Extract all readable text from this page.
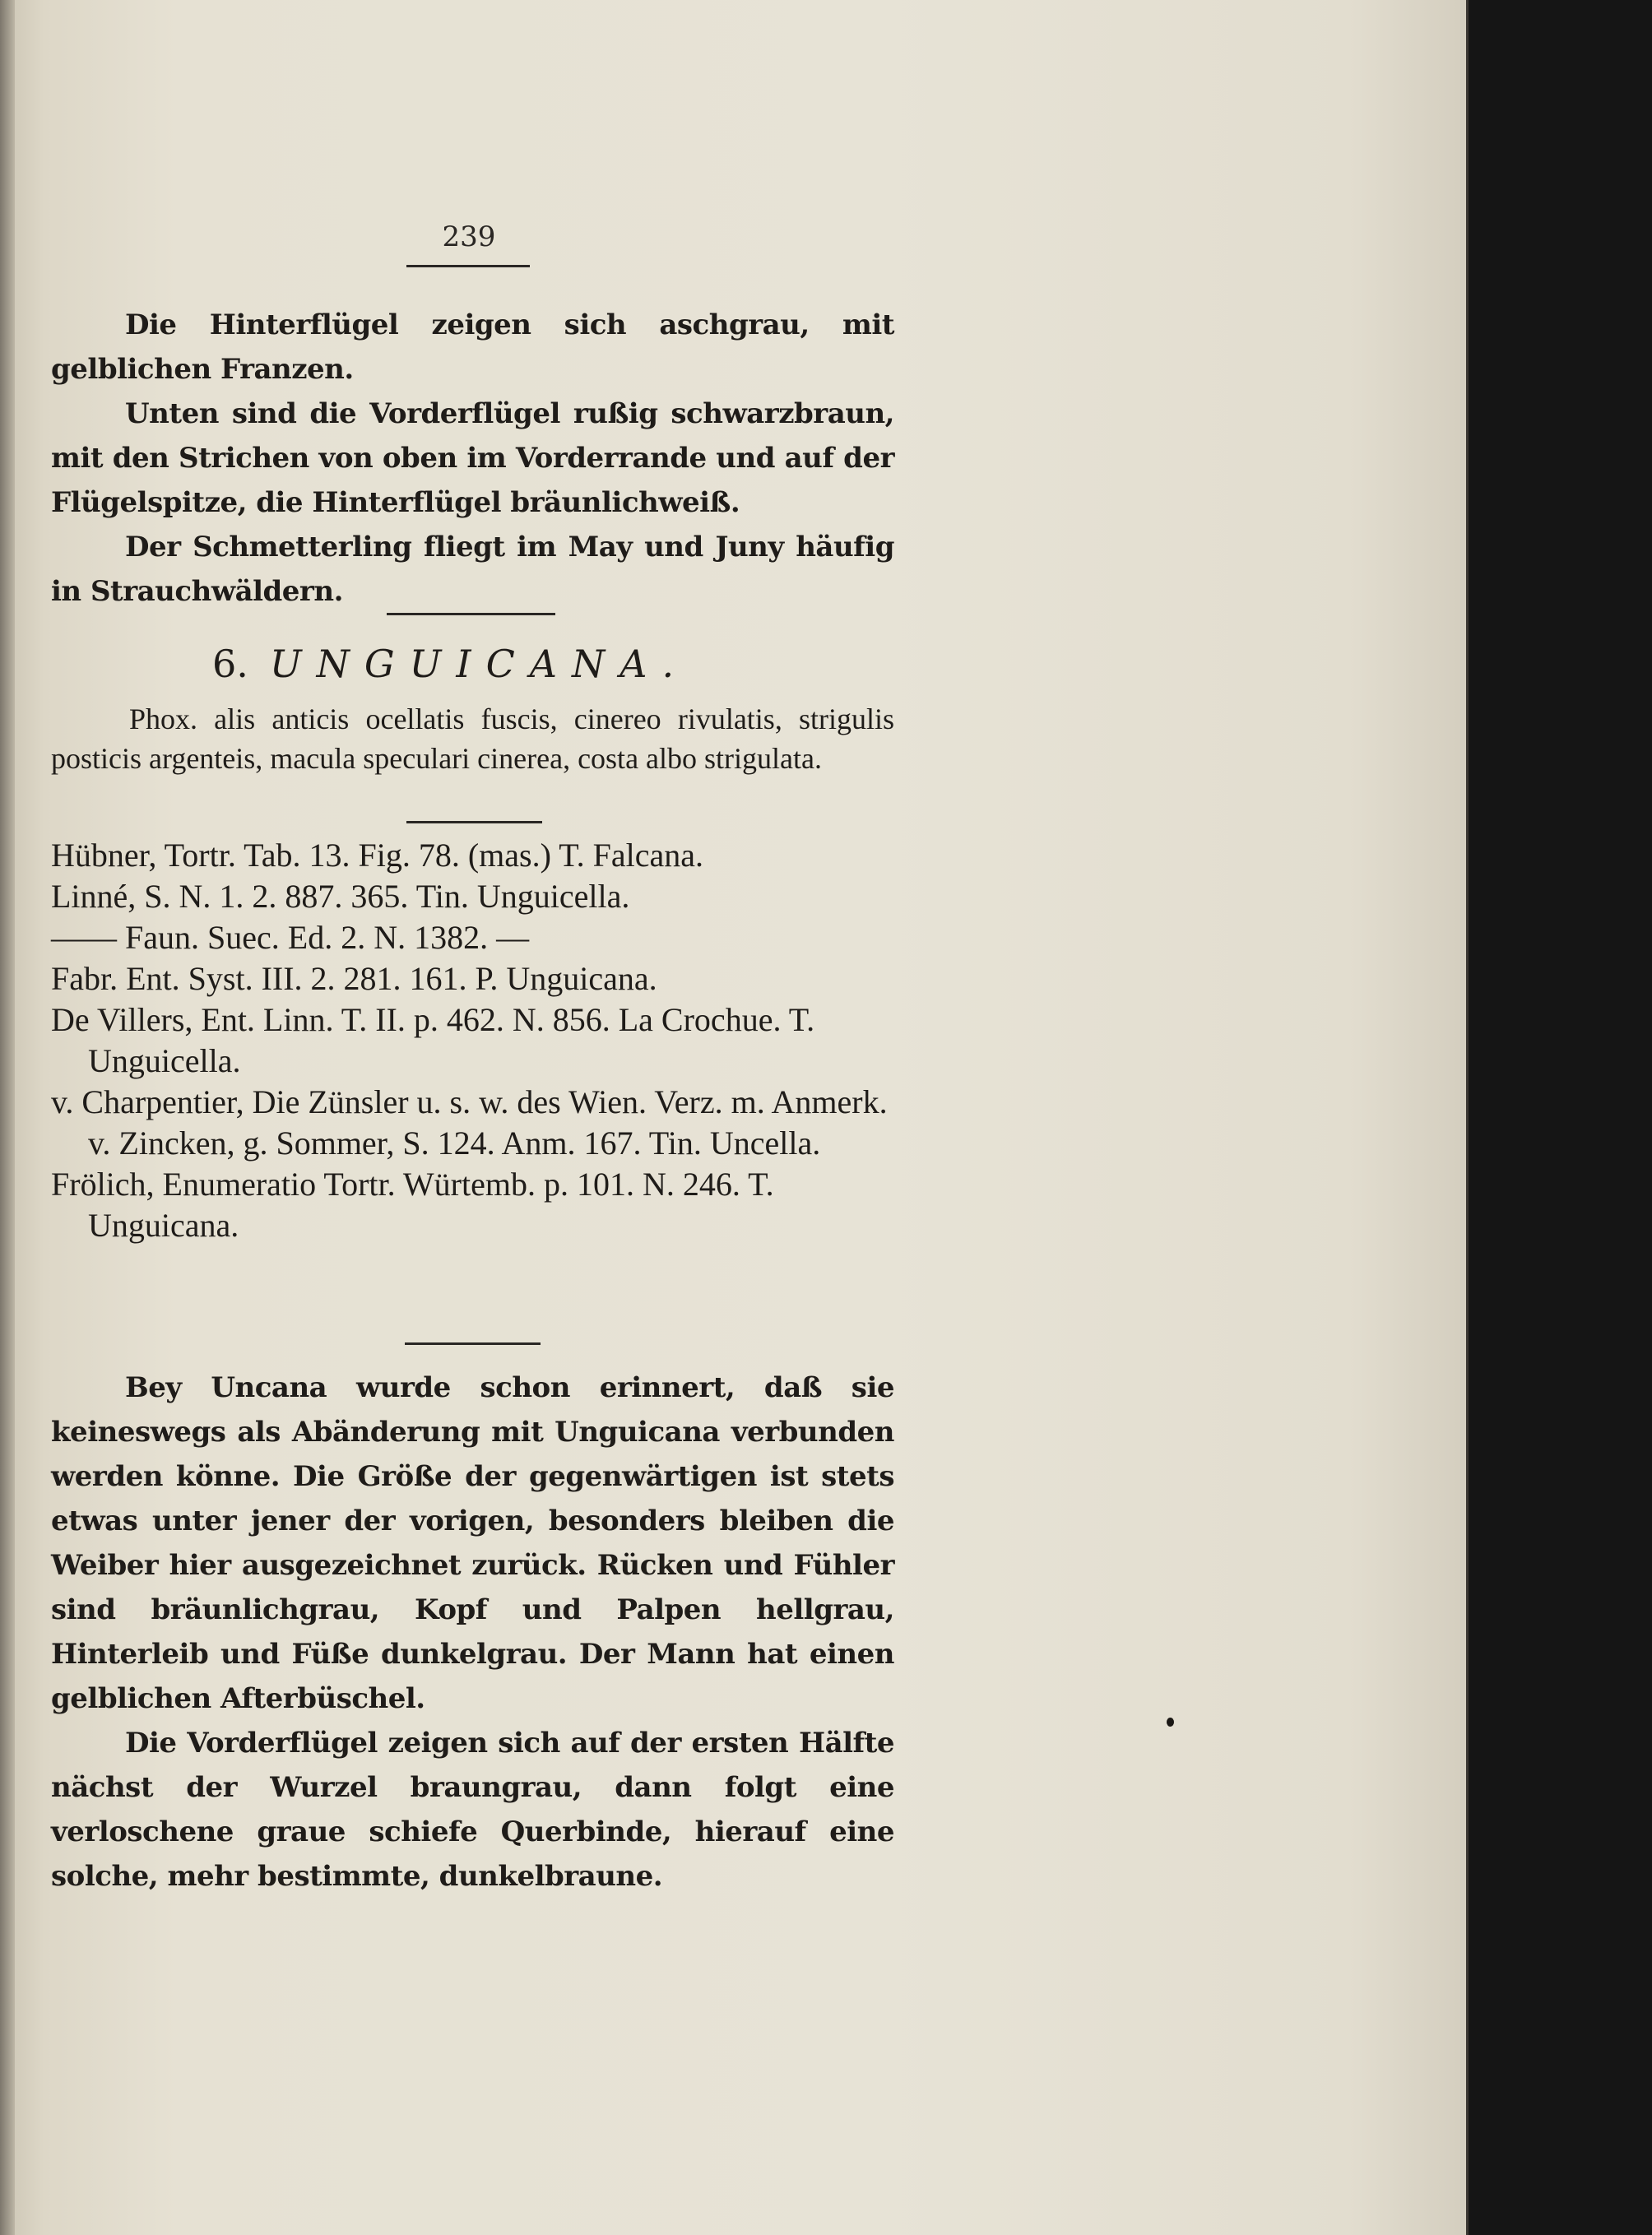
239

Die Hinterflügel zeigen sich aschgrau, mit gelblichen Franzen.

Unten sind die Vorderflügel rußig schwarzbraun, mit den Strichen von oben im Vorderrande und auf der Flügelspitze, die Hinterflügel bräunlichweiß.

Der Schmetterling fliegt im May und Juny häufig in Strauchwäldern.

6. UNGUICANA.

Phox. alis anticis ocellatis fuscis, cinereo rivulatis, strigulis posticis argenteis, macula speculari cinerea, costa albo strigulata.

Hübner, Tortr. Tab. 13. Fig. 78. (mas.) T. Falcana.

Linné, S. N. 1. 2. 887. 365. Tin. Unguicella.

—— Faun. Suec. Ed. 2. N. 1382. —

Fabr. Ent. Syst. III. 2. 281. 161. P. Unguicana.

De Villers, Ent. Linn. T. II. p. 462. N. 856. La Crochue. T. Unguicella.

v. Charpentier, Die Zünsler u. s. w. des Wien. Verz. m. Anmerk. v. Zincken, g. Sommer, S. 124. Anm. 167. Tin. Uncella.

Frölich, Enumeratio Tortr. Würtemb. p. 101. N. 246. T. Unguicana.

Bey Uncana wurde schon erinnert, daß sie keineswegs als Abänderung mit Unguicana verbunden werden könne. Die Größe der gegenwärtigen ist stets etwas unter jener der vorigen, besonders bleiben die Weiber hier ausgezeichnet zurück. Rücken und Fühler sind bräunlichgrau, Kopf und Palpen hellgrau, Hinterleib und Füße dunkelgrau. Der Mann hat einen gelblichen Afterbüschel.

Die Vorderflügel zeigen sich auf der ersten Hälfte nächst der Wurzel braungrau, dann folgt eine verloschene graue schiefe Querbinde, hierauf eine solche, mehr bestimmte, dunkelbraune.
